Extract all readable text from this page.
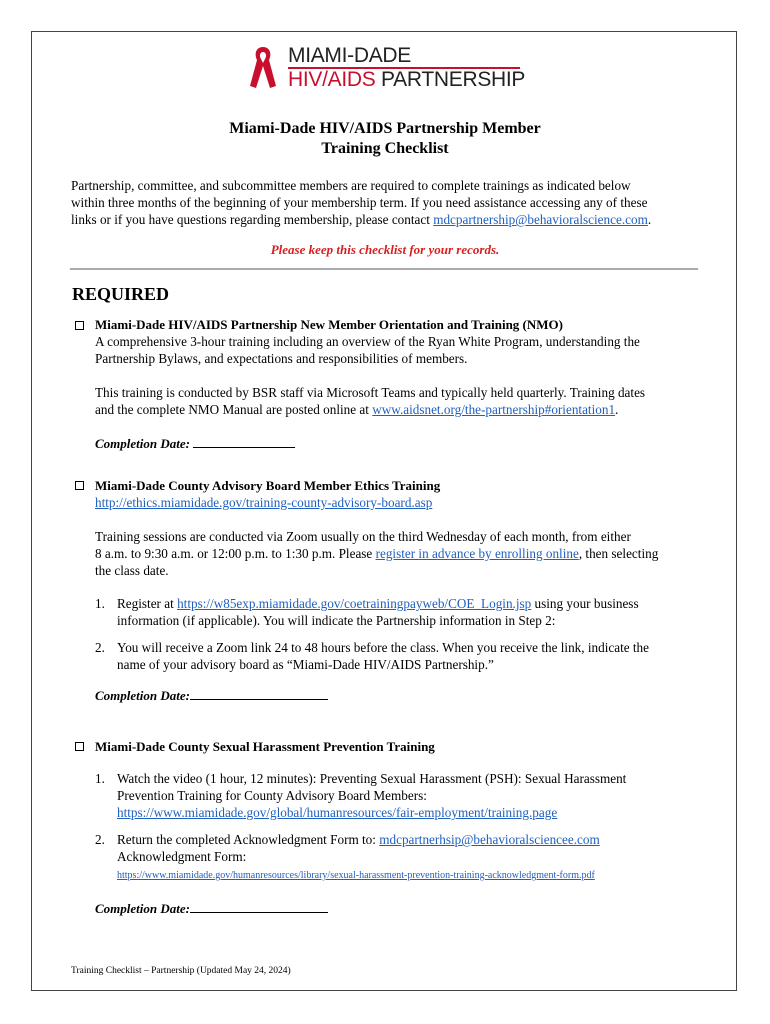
MIAMI-DADE
HIV/AIDS PARTNERSHIP
Miami-Dade HIV/AIDS Partnership Member
Training Checklist
Partnership, committee, and subcommittee members are required to complete trainings as indicated below
within three months of the beginning of your membership term. If you need assistance accessing any of these
links or if you have questions regarding membership, please contact mdcpartnership@behavioralscience.com.
Please keep this checklist for your records.
REQUIRED
Miami-Dade HIV/AIDS Partnership New Member Orientation and Training (NMO)
A comprehensive 3-hour training including an overview of the Ryan White Program, understanding the
Partnership Bylaws, and expectations and responsibilities of members.
This training is conducted by BSR staff via Microsoft Teams and typically held quarterly. Training dates
and the complete NMO Manual are posted online at www.aidsnet.org/the-partnership#orientation1.
Completion Date:
Miami-Dade County Advisory Board Member Ethics Training
http://ethics.miamidade.gov/training-county-advisory-board.asp
Training sessions are conducted via Zoom usually on the third Wednesday of each month, from either
8 a.m. to 9:30 a.m. or 12:00 p.m. to 1:30 p.m. Please register in advance by enrolling online, then selecting
the class date.
1. Register at https://w85exp.miamidade.gov/coetrainingpayweb/COE_Login.jsp using your business
information (if applicable). You will indicate the Partnership information in Step 2:
2. You will receive a Zoom link 24 to 48 hours before the class. When you receive the link, indicate the
name of your advisory board as “Miami-Dade HIV/AIDS Partnership.”
Completion Date:
Miami-Dade County Sexual Harassment Prevention Training
1. Watch the video (1 hour, 12 minutes): Preventing Sexual Harassment (PSH): Sexual Harassment
Prevention Training for County Advisory Board Members:
https://www.miamidade.gov/global/humanresources/fair-employment/training.page
2. Return the completed Acknowledgment Form to: mdcpartnerhsip@behavioralsciencee.com
Acknowledgment Form:
https://www.miamidade.gov/humanresources/library/sexual-harassment-prevention-training-acknowledgment-form.pdf
Completion Date:
Training Checklist – Partnership (Updated May 24, 2024)
